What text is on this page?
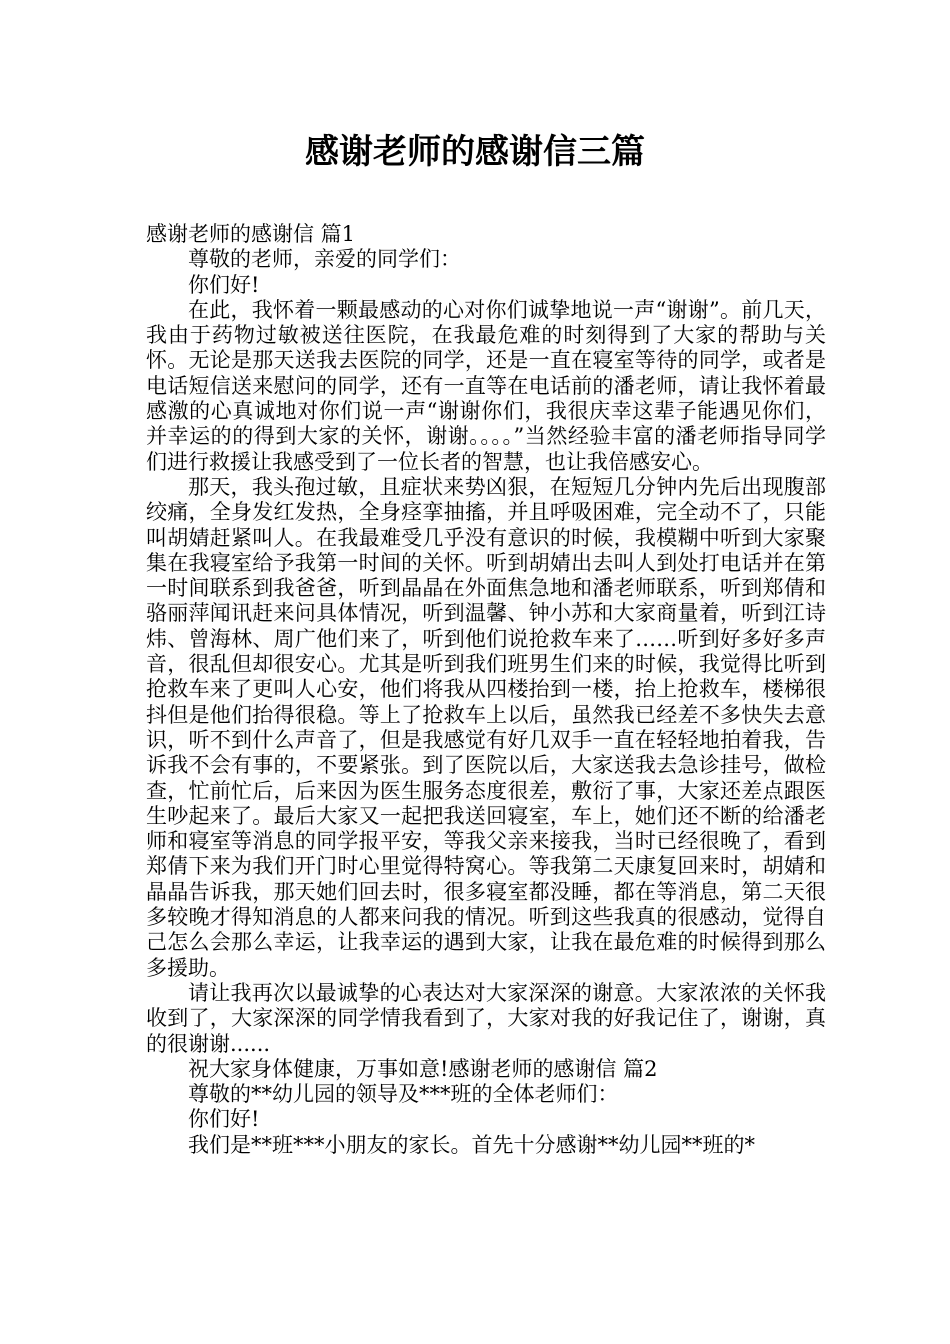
感谢老师的感谢信三篇

感谢老师的感谢信 篇1

尊敬的老师，亲爱的同学们：

你们好!

在此，我怀着一颗最感动的心对你们诚挚地说一声“谢谢”。前几天，我由于药物过敏被送往医院，在我最危难的时刻得到了大家的帮助与关怀。无论是那天送我去医院的同学，还是一直在寝室等待的同学，或者是电话短信送来慰问的同学，还有一直等在电话前的潘老师，请让我怀着最感激的心真诚地对你们说一声“谢谢你们，我很庆幸这辈子能遇见你们，并幸运的的得到大家的关怀，谢谢。。。。”当然经验丰富的潘老师指导同学们进行救援让我感受到了一位长者的智慧，也让我倍感安心。

那天，我头孢过敏，且症状来势凶狠，在短短几分钟内先后出现腹部绞痛，全身发红发热，全身痉挛抽搐，并且呼吸困难，完全动不了，只能叫胡婧赶紧叫人。在我最难受几乎没有意识的时候，我模糊中听到大家聚集在我寝室给予我第一时间的关怀。听到胡婧出去叫人到处打电话并在第一时间联系到我爸爸，听到晶晶在外面焦急地和潘老师联系，听到郑倩和骆丽萍闻讯赶来问具体情况，听到温馨、钟小苏和大家商量着，听到江诗炜、曾海林、周广他们来了，听到他们说抢救车来了……听到好多好多声音，很乱但却很安心。尤其是听到我们班男生们来的时候，我觉得比听到抢救车来了更叫人心安，他们将我从四楼抬到一楼，抬上抢救车，楼梯很抖但是他们抬得很稳。等上了抢救车上以后，虽然我已经差不多快失去意识，听不到什么声音了，但是我感觉有好几双手一直在轻轻地拍着我，告诉我不会有事的，不要紧张。到了医院以后，大家送我去急诊挂号，做检查，忙前忙后，后来因为医生服务态度很差，敷衍了事，大家还差点跟医生吵起来了。最后大家又一起把我送回寝室，车上，她们还不断的给潘老师和寝室等消息的同学报平安，等我父亲来接我，当时已经很晚了，看到郑倩下来为我们开门时心里觉得特窝心。等我第二天康复回来时，胡婧和晶晶告诉我，那天她们回去时，很多寝室都没睡，都在等消息，第二天很多较晚才得知消息的人都来问我的情况。听到这些我真的很感动，觉得自己怎么会那么幸运，让我幸运的遇到大家，让我在最危难的时候得到那么多援助。

请让我再次以最诚挚的心表达对大家深深的谢意。大家浓浓的关怀我收到了，大家深深的同学情我看到了，大家对我的好我记住了，谢谢，真的很谢谢......

祝大家身体健康，万事如意!感谢老师的感谢信 篇2

尊敬的**幼儿园的领导及***班的全体老师们：

你们好!

我们是**班***小朋友的家长。首先十分感谢**幼儿园**班的*
